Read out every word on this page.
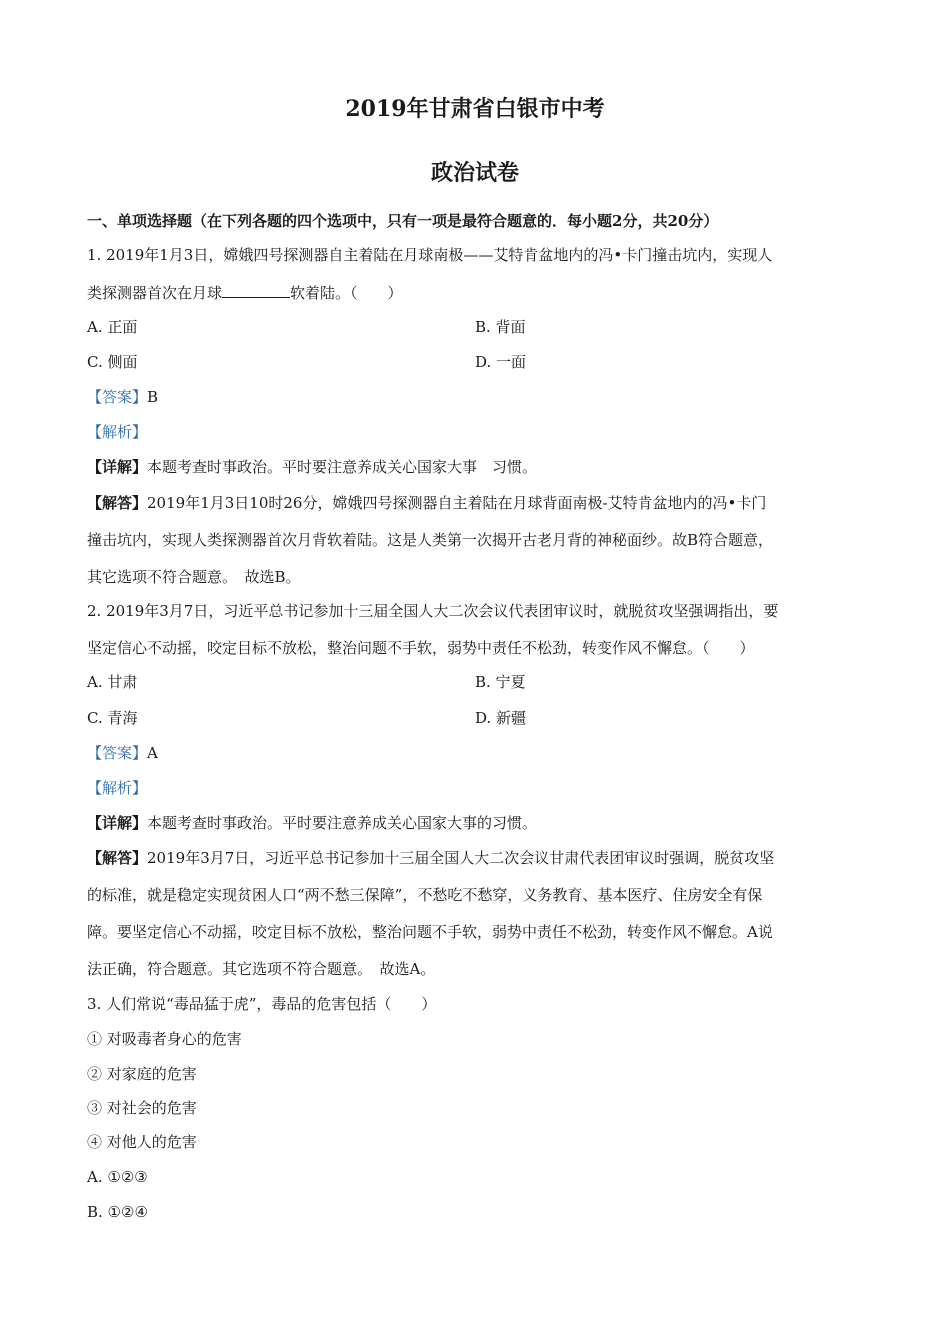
2019年甘肃省白银市中考
政治试卷

一、单项选择题（在下列各题的四个选项中，只有一项是最符合题意的．每小题2分，共20分）

1. 2019年1月3日，嫦娥四号探测器自主着陆在月球南极——艾特肯盆地内的冯•卡门撞击坑内，实现人

类探测器首次在月球	软着陆。（　　）

A. 正面	B. 背面
C. 侧面	D. 一面

【答案】B

【解析】

【详解】本题考查时事政治。平时要注意养成关心国家大事　习惯。

【解答】2019年1月3日10时26分，嫦娥四号探测器自主着陆在月球背面南极-艾特肯盆地内的冯•卡门

撞击坑内，实现人类探测器首次月背软着陆。这是人类第一次揭开古老月背的神秘面纱。故B符合题意，

其它选项不符合题意。　故选B。

2. 2019年3月7日，习近平总书记参加十三届全国人大二次会议代表团审议时，就脱贫攻坚强调指出，要

坚定信心不动摇，咬定目标不放松，整治问题不手软，弱势中责任不松劲，转变作风不懈怠。（　　）

A. 甘肃	B. 宁夏
C. 青海	D. 新疆

【答案】A

【解析】

【详解】本题考查时事政治。平时要注意养成关心国家大事的习惯。

【解答】2019年3月7日，习近平总书记参加十三届全国人大二次会议甘肃代表团审议时强调，脱贫攻坚

的标准，就是稳定实现贫困人口“两不愁三保障”，不愁吃不愁穿，义务教育、基本医疗、住房安全有保

障。要坚定信心不动摇，咬定目标不放松，整治问题不手软，弱势中责任不松劲，转变作风不懈怠。A说

法正确，符合题意。其它选项不符合题意。　故选A。

3. 人们常说“毒品猛于虎”，毒品的危害包括（　　）

① 对吸毒者身心的危害

② 对家庭的危害

③ 对社会的危害

④ 对他人的危害

A. ①②③

B. ①②④
